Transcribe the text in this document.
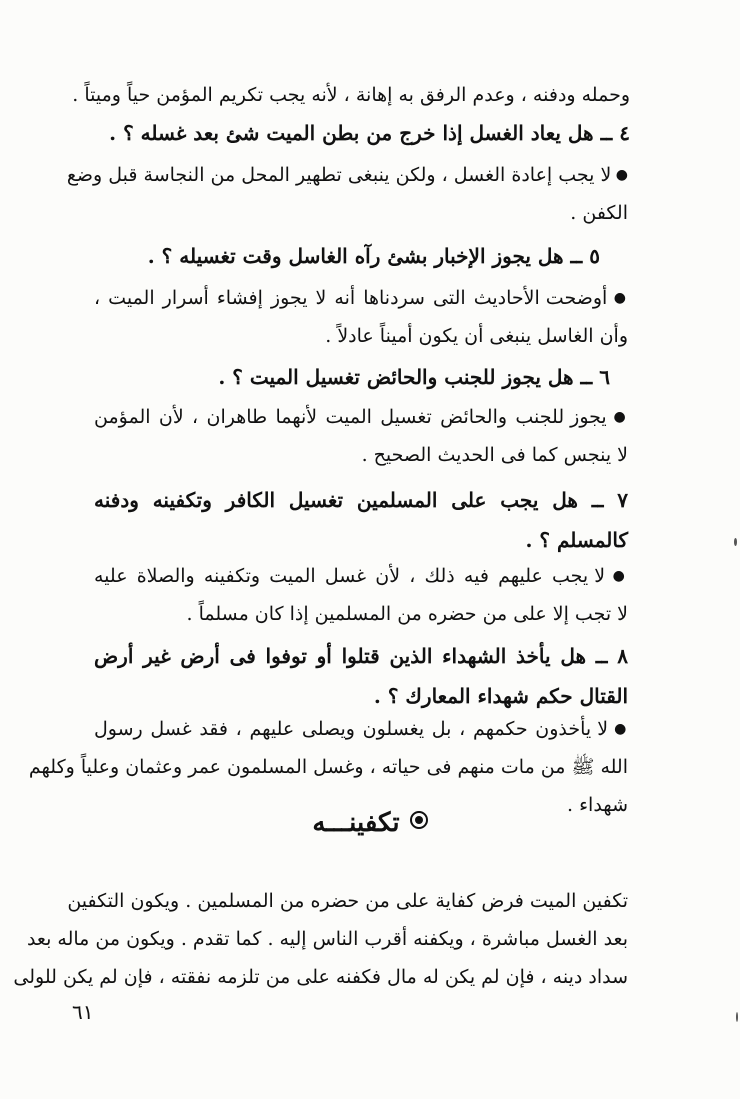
وحمله ودفنه ، وعدم الرفق به إهانة ، لأنه يجب تكريم المؤمن حياً وميتاً .

٤ ــ هل يعاد الغسل إذا خرج من بطن الميت شئ بعد غسله ؟ .

● لا يجب إعادة الغسل ، ولكن ينبغى تطهير المحل من النجاسة قبل وضع
الكفن .

٥ ــ هل يجوز الإخبار بشئ رآه الغاسل وقت تغسيله ؟ .

● أوضحت الأحاديث التى سردناها أنه لا يجوز إفشاء أسرار الميت ،
وأن الغاسل ينبغى أن يكون أميناً عادلاً .

٦ ــ هل يجوز للجنب والحائض تغسيل الميت ؟ .

● يجوز للجنب والحائض تغسيل الميت لأنهما طاهران ، لأن المؤمن
لا ينجس كما فى الحديث الصحيح .

٧ ــ هل يجب على المسلمين تغسيل الكافر وتكفينه ودفنه
كالمسلم ؟ .

● لا يجب عليهم فيه ذلك ، لأن غسل الميت وتكفينه والصلاة عليه
لا تجب إلا على من حضره من المسلمين إذا كان مسلماً .

٨ ــ هل يأخذ الشهداء الذين قتلوا أو توفوا فى أرض غير أرض
القتال حكم شهداء المعارك ؟ .

● لا يأخذون حكمهم ، بل يغسلون ويصلى عليهم ، فقد غسل رسول
الله ﷺ من مات منهم فى حياته ، وغسل المسلمون عمر وعثمان وعلياً وكلهم
شهداء .

تكفينـــه

تكفين الميت فرض كفاية على من حضره من المسلمين . ويكون التكفين
بعد الغسل مباشرة ، ويكفنه أقرب الناس إليه . كما تقدم . ويكون من ماله بعد
سداد دينه ، فإن لم يكن له مال فكفنه على من تلزمه نفقته ، فإن لم يكن للولى

٦١
